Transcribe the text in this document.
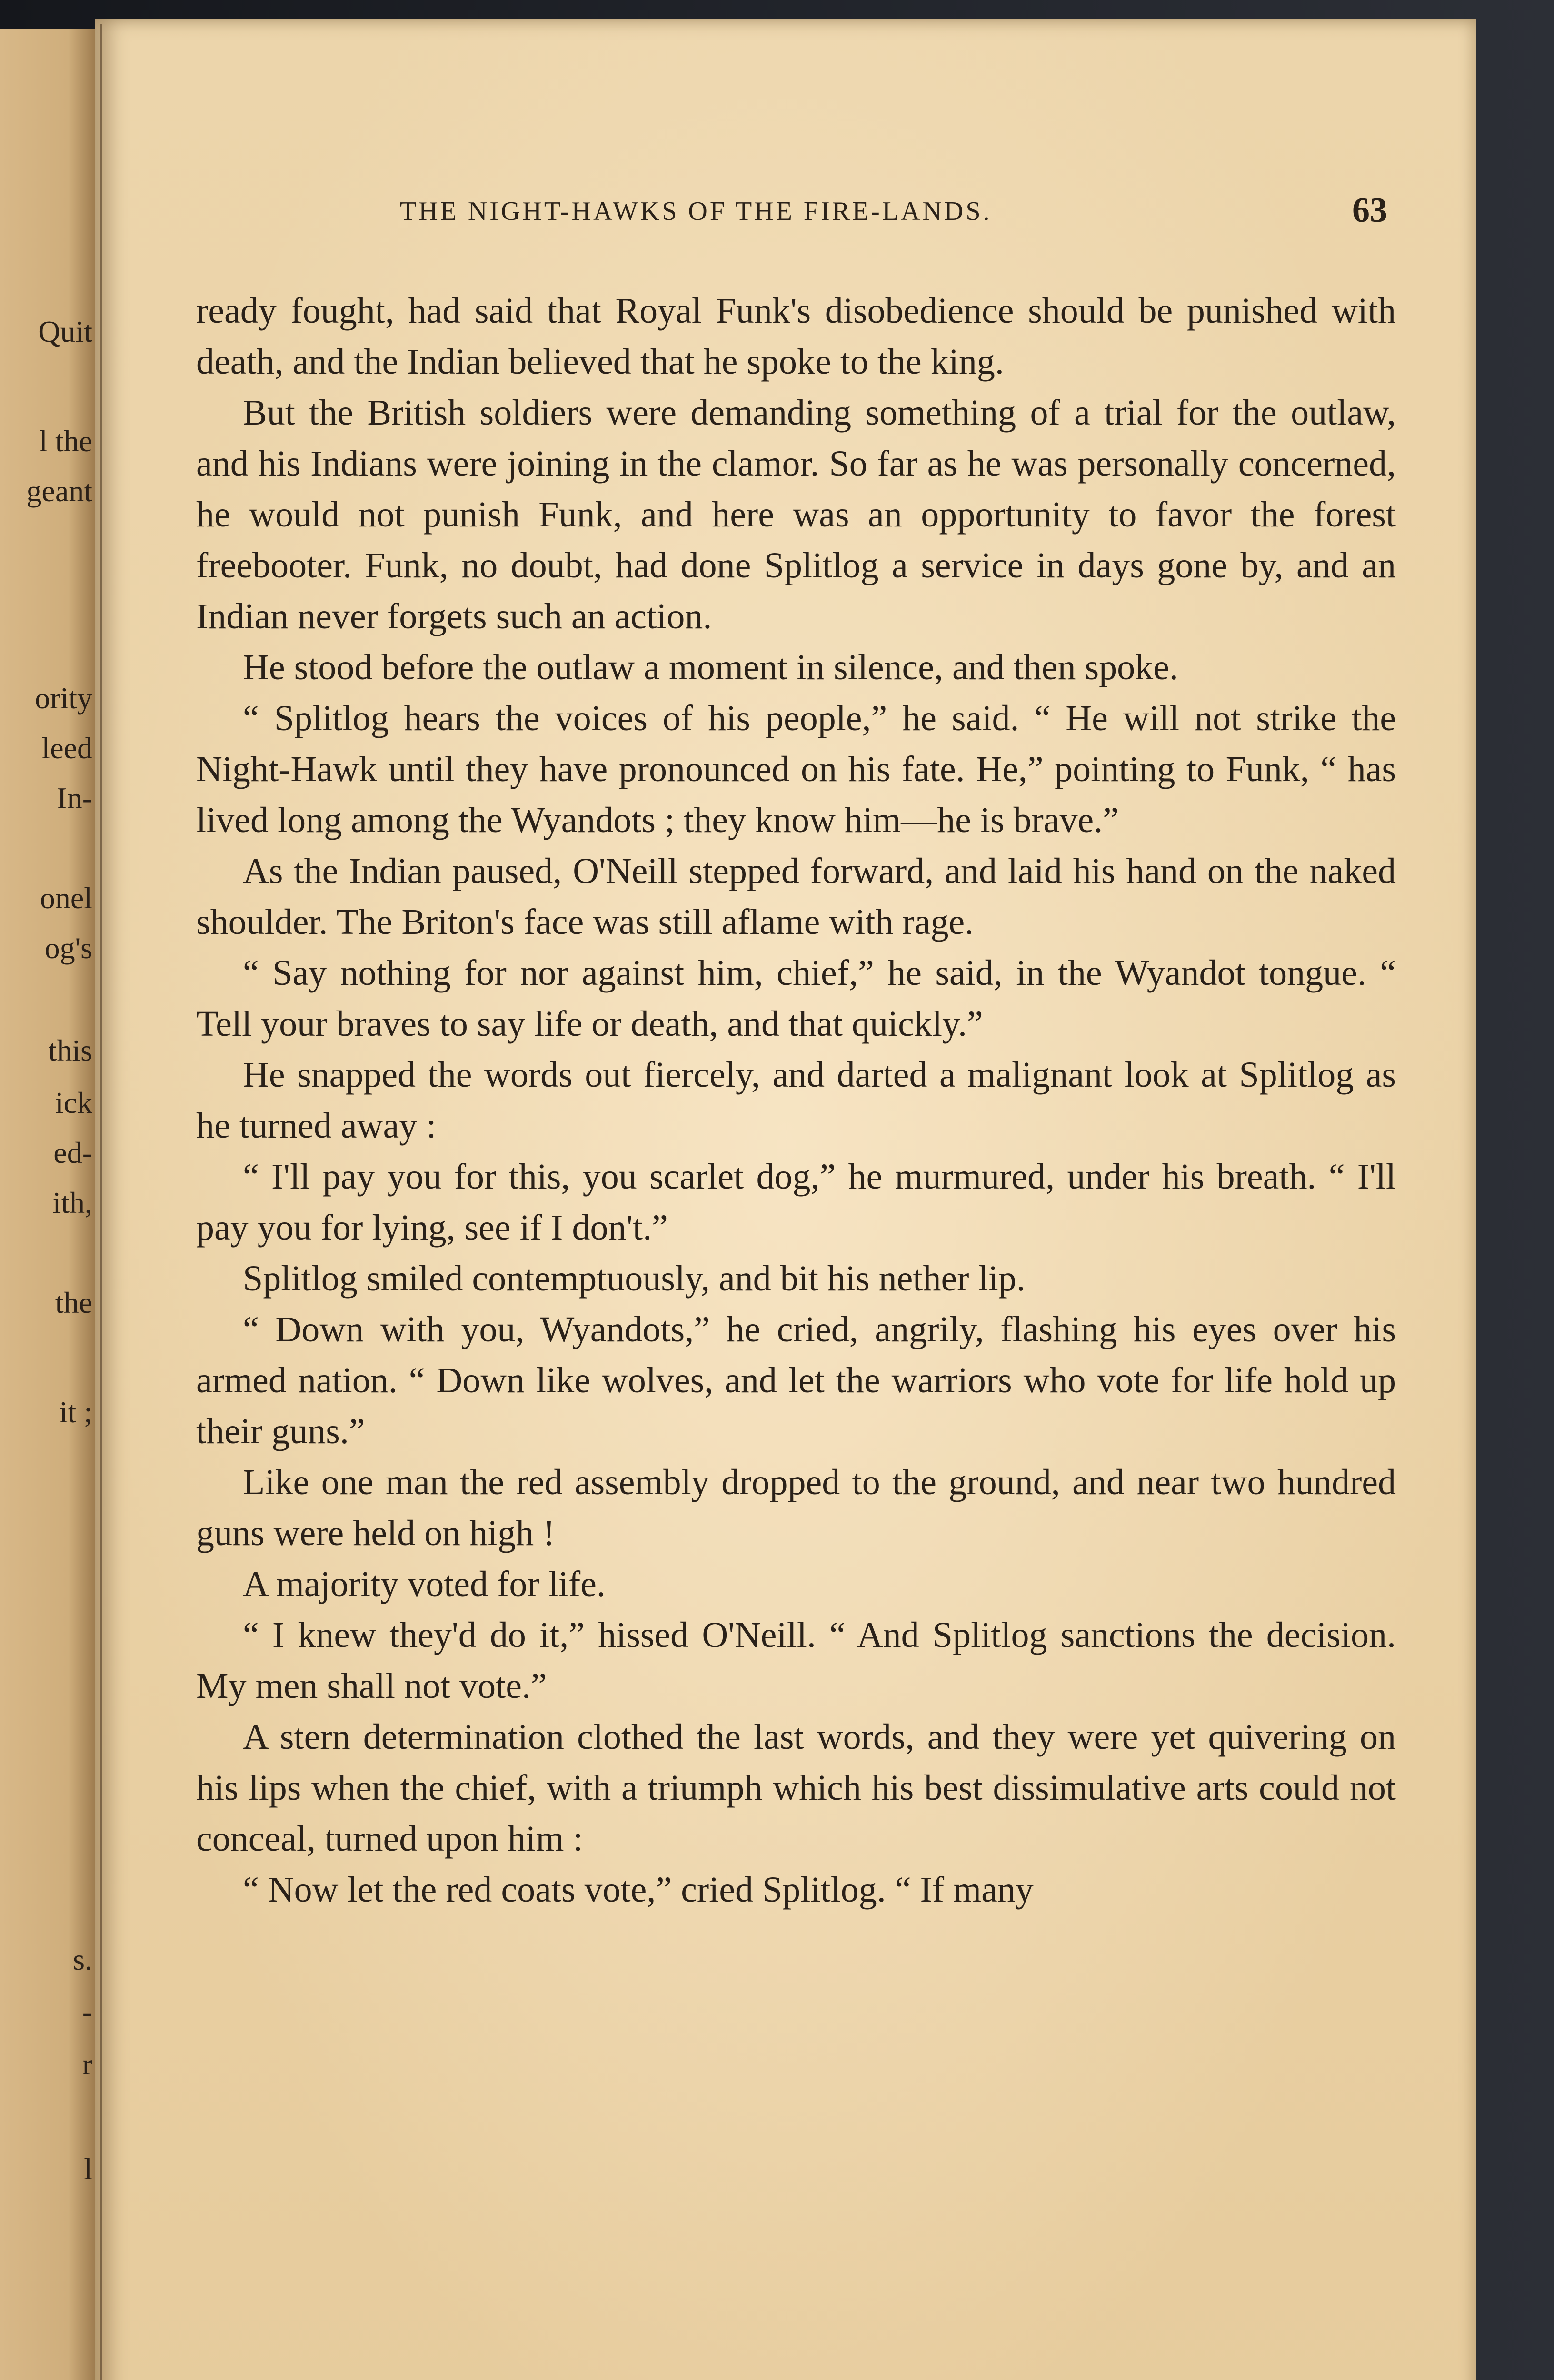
Quit
l the
geant
ority
leed
In-
onel
og's
this
ick
ed-
ith,
the
it ;
s.
-
r
l
THE NIGHT-HAWKS OF THE FIRE-LANDS.	63

ready fought, had said that Royal Funk's disobedience should be punished with death, and the Indian believed that he spoke to the king.

But the British soldiers were demanding something of a trial for the outlaw, and his Indians were joining in the clamor. So far as he was personally concerned, he would not punish Funk, and here was an opportunity to favor the forest freebooter. Funk, no doubt, had done Splitlog a service in days gone by, and an Indian never forgets such an action.

He stood before the outlaw a moment in silence, and then spoke.

“ Splitlog hears the voices of his people,” he said. “ He will not strike the Night-Hawk until they have pronounced on his fate. He,” pointing to Funk, “ has lived long among the Wyandots ; they know him—he is brave.”

As the Indian paused, O'Neill stepped forward, and laid his hand on the naked shoulder. The Briton's face was still aflame with rage.

“ Say nothing for nor against him, chief,” he said, in the Wyandot tongue. “ Tell your braves to say life or death, and that quickly.”

He snapped the words out fiercely, and darted a malignant look at Splitlog as he turned away :

“ I'll pay you for this, you scarlet dog,” he murmured, under his breath. “ I'll pay you for lying, see if I don't.”

Splitlog smiled contemptuously, and bit his nether lip.

“ Down with you, Wyandots,” he cried, angrily, flashing his eyes over his armed nation. “ Down like wolves, and let the warriors who vote for life hold up their guns.”

Like one man the red assembly dropped to the ground, and near two hundred guns were held on high !

A majority voted for life.

“ I knew they'd do it,” hissed O'Neill. “ And Splitlog sanctions the decision. My men shall not vote.”

A stern determination clothed the last words, and they were yet quivering on his lips when the chief, with a triumph which his best dissimulative arts could not conceal, turned upon him :

“ Now let the red coats vote,” cried Splitlog. “ If many
